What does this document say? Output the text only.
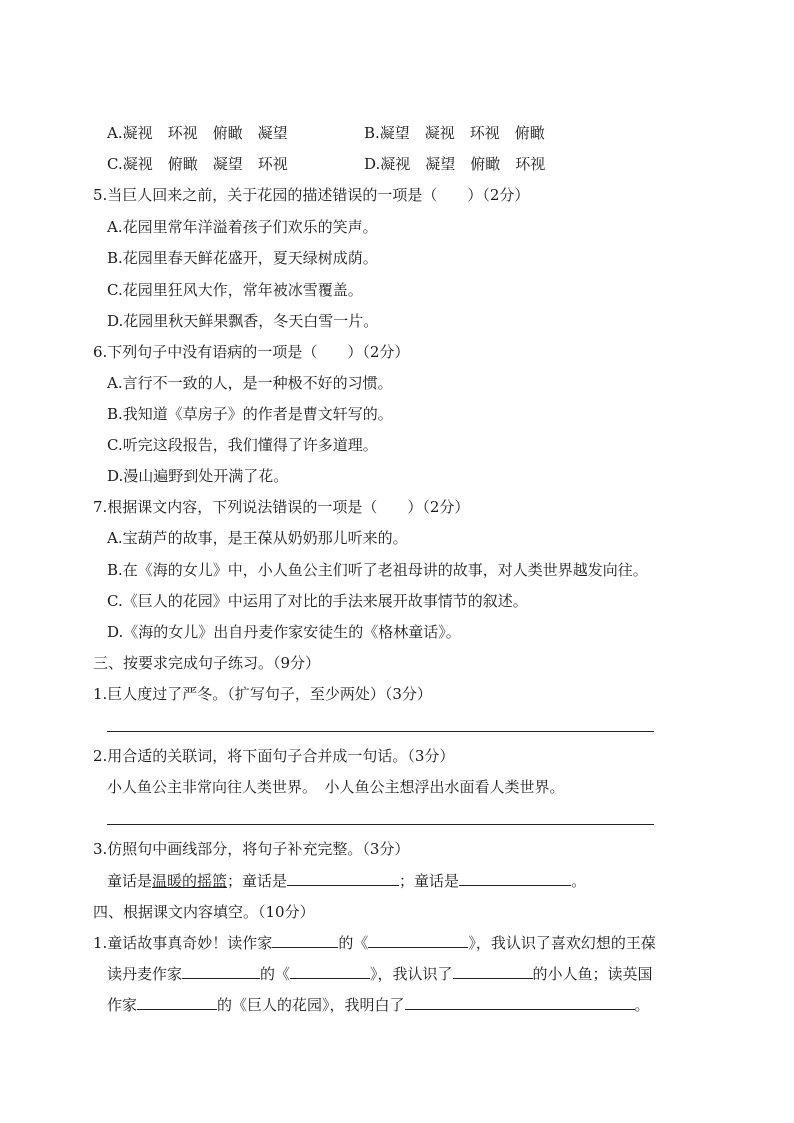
A.凝视　环视　俯瞰　凝望	B.凝望　凝视　环视　俯瞰
C.凝视　俯瞰　凝望　环视	D.凝视　凝望　俯瞰　环视
5.当巨人回来之前，关于花园的描述错误的一项是（　　）（2分）
A.花园里常年洋溢着孩子们欢乐的笑声。
B.花园里春天鲜花盛开，夏天绿树成荫。
C.花园里狂风大作，常年被冰雪覆盖。
D.花园里秋天鲜果飘香，冬天白雪一片。
6.下列句子中没有语病的一项是（　　）（2分）
A.言行不一致的人，是一种极不好的习惯。
B.我知道《草房子》的作者是曹文轩写的。
C.听完这段报告，我们懂得了许多道理。
D.漫山遍野到处开满了花。
7.根据课文内容，下列说法错误的一项是（　　）（2分）
A.宝葫芦的故事，是王葆从奶奶那儿听来的。
B.在《海的女儿》中，小人鱼公主们听了老祖母讲的故事，对人类世界越发向往。
C.《巨人的花园》中运用了对比的手法来展开故事情节的叙述。
D.《海的女儿》出自丹麦作家安徒生的《格林童话》。
三、按要求完成句子练习。（9分）
1.巨人度过了严冬。（扩写句子，至少两处）（3分）
2.用合适的关联词，将下面句子合并成一句话。（3分）
小人鱼公主非常向往人类世界。　小人鱼公主想浮出水面看人类世界。
3.仿照句中画线部分，将句子补充完整。（3分）
童话是温暖的摇篮；童话是	；童话是	。
四、根据课文内容填空。（10分）
1.童话故事真奇妙！读作家	的《	》，我认识了喜欢幻想的王葆
读丹麦作家	的《	》，我认识了	的小人鱼；读英国
作家	的《巨人的花园》，我明白了	。
